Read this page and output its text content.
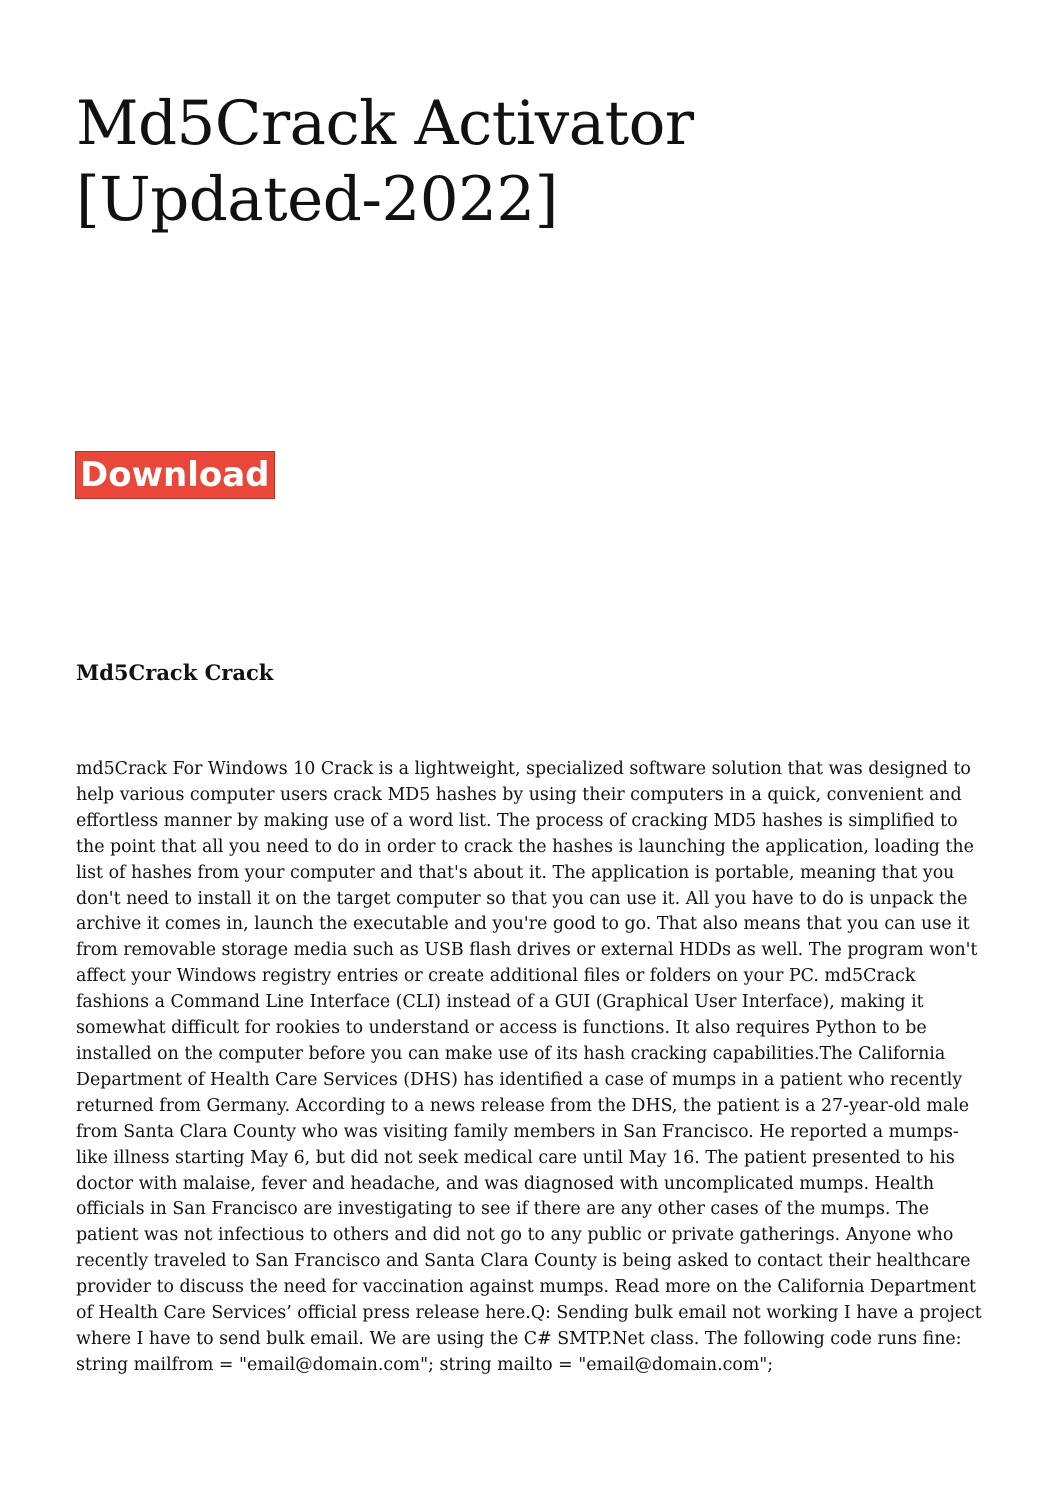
Md5Crack Activator [Updated-2022]
Download
Md5Crack Crack

md5Crack For Windows 10 Crack is a lightweight, specialized software solution that was designed to help various computer users crack MD5 hashes by using their computers in a quick, convenient and effortless manner by making use of a word list. The process of cracking MD5 hashes is simplified to the point that all you need to do in order to crack the hashes is launching the application, loading the list of hashes from your computer and that's about it. The application is portable, meaning that you don't need to install it on the target computer so that you can use it. All you have to do is unpack the archive it comes in, launch the executable and you're good to go. That also means that you can use it from removable storage media such as USB flash drives or external HDDs as well. The program won't affect your Windows registry entries or create additional files or folders on your PC. md5Crack fashions a Command Line Interface (CLI) instead of a GUI (Graphical User Interface), making it somewhat difficult for rookies to understand or access is functions. It also requires Python to be installed on the computer before you can make use of its hash cracking capabilities.The California Department of Health Care Services (DHS) has identified a case of mumps in a patient who recently returned from Germany. According to a news release from the DHS, the patient is a 27-year-old male from Santa Clara County who was visiting family members in San Francisco. He reported a mumps-like illness starting May 6, but did not seek medical care until May 16. The patient presented to his doctor with malaise, fever and headache, and was diagnosed with uncomplicated mumps. Health officials in San Francisco are investigating to see if there are any other cases of the mumps. The patient was not infectious to others and did not go to any public or private gatherings. Anyone who recently traveled to San Francisco and Santa Clara County is being asked to contact their healthcare provider to discuss the need for vaccination against mumps. Read more on the California Department of Health Care Services’ official press release here.Q: Sending bulk email not working I have a project where I have to send bulk email. We are using the C# SMTP.Net class. The following code runs fine: string mailfrom = "email@domain.com"; string mailto = "email@domain.com";
